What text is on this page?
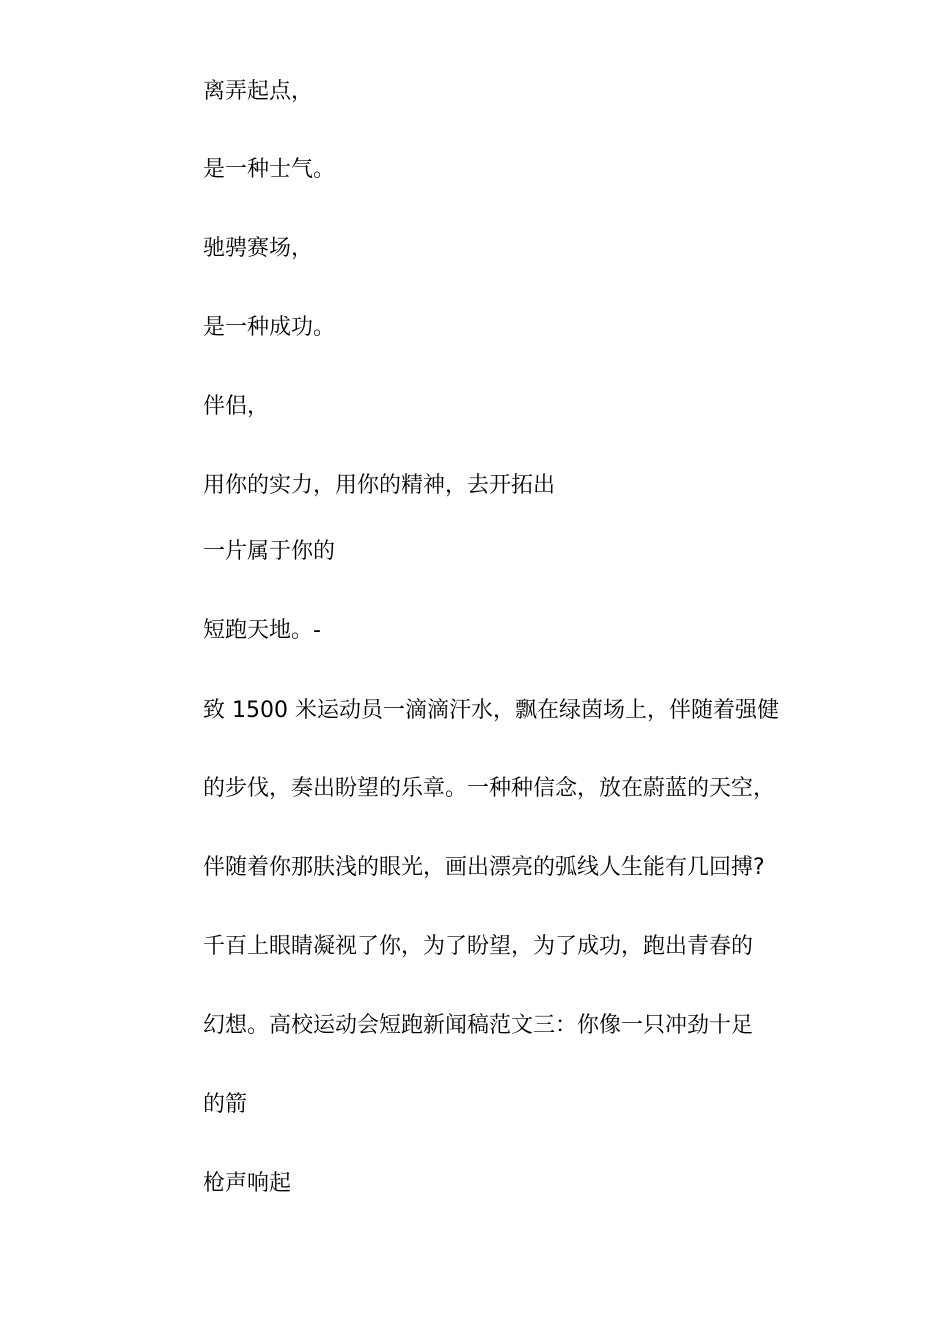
离弄起点，

是一种士气。

驰骋赛场，

是一种成功。

伴侣，

用你的实力，用你的精神，去开拓出

一片属于你的

短跑天地。-

致 1500 米运动员一滴滴汗水，飘在绿茵场上，伴随着强健

的步伐，奏出盼望的乐章。一种种信念，放在蔚蓝的天空，

伴随着你那肤浅的眼光，画出漂亮的弧线人生能有几回搏?

千百上眼睛凝视了你，为了盼望，为了成功，跑出青春的

幻想。高校运动会短跑新闻稿范文三：你像一只冲劲十足

的箭

枪声响起
